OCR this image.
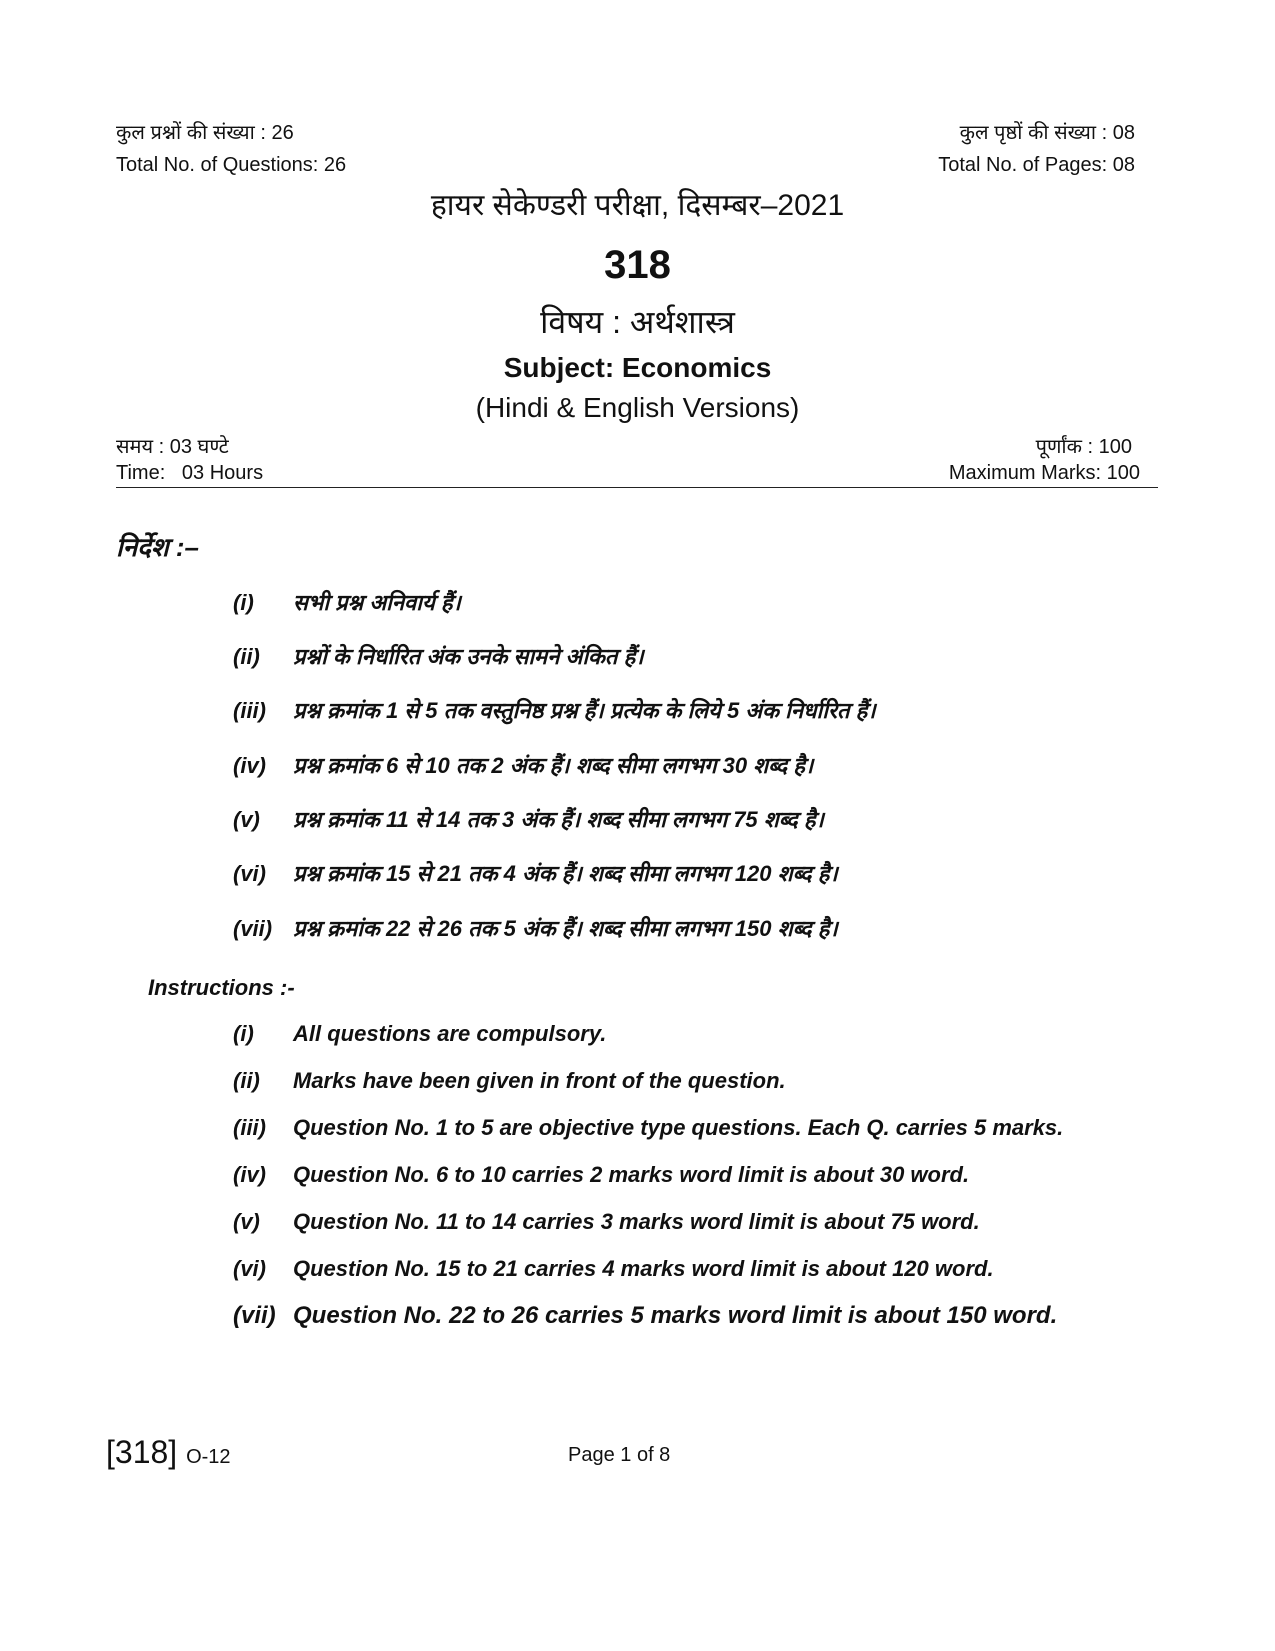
कुल प्रश्नों की संख्या : 26
Total No. of Questions: 26
कुल पृष्ठों की संख्या : 08
Total No. of Pages: 08
हायर सेकेण्डरी परीक्षा, दिसम्बर–2021
318
विषय : अर्थशास्त्र
Subject: Economics
(Hindi & English Versions)
समय : 03 घण्टे
Time:   03 Hours
पूर्णांक : 100
Maximum Marks: 100
निर्देश :–
(i) सभी प्रश्न अनिवार्य हैं।
(ii) प्रश्नों के निर्धारित अंक उनके सामने अंकित हैं।
(iii) प्रश्न क्रमांक 1 से 5 तक वस्तुनिष्ठ प्रश्न हैं। प्रत्येक के लिये 5 अंक निर्धारित हैं।
(iv) प्रश्न क्रमांक 6 से 10 तक 2 अंक हैं। शब्द सीमा लगभग 30 शब्द है।
(v) प्रश्न क्रमांक 11 से 14 तक 3 अंक हैं। शब्द सीमा लगभग 75 शब्द है।
(vi) प्रश्न क्रमांक 15 से 21 तक 4 अंक हैं। शब्द सीमा लगभग 120 शब्द है।
(vii) प्रश्न क्रमांक 22 से 26 तक 5 अंक हैं। शब्द सीमा लगभग 150 शब्द है।
Instructions :-
(i) All questions are compulsory.
(ii) Marks have been given in front of the question.
(iii) Question No. 1 to 5 are objective type questions. Each Q. carries 5 marks.
(iv) Question No. 6 to 10 carries 2 marks word limit is about 30 word.
(v) Question No. 11 to 14 carries 3 marks word limit is about 75 word.
(vi) Question No. 15 to 21 carries 4 marks word limit is about 120 word.
(vii) Question No. 22 to 26 carries 5 marks word limit is about 150 word.
[318] O-12	Page 1 of 8
